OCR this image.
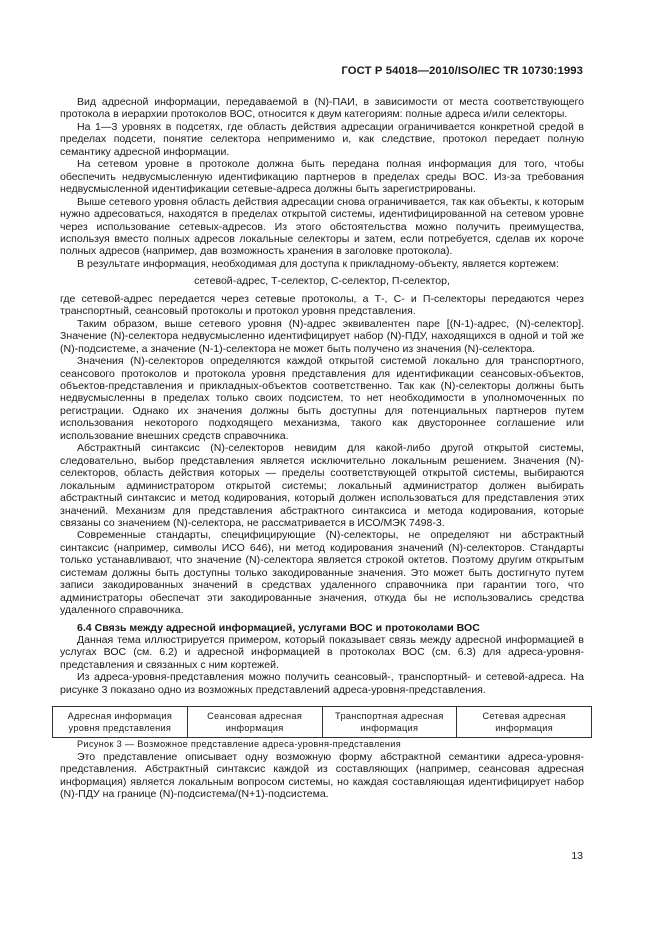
ГОСТ Р 54018—2010/ISO/IEC TR 10730:1993

Вид адресной информации, передаваемой в (N)-ПАИ, в зависимости от места соответствующего протокола в иерархии протоколов ВОС, относится к двум категориям: полные адреса и/или селекторы.

На 1—3 уровнях в подсетях, где область действия адресации ограничивается конкретной средой в пределах подсети, понятие селектора неприменимо и, как следствие, протокол передает полную семантику адресной информации.

На сетевом уровне в протоколе должна быть передана полная информация для того, чтобы обеспечить недвусмысленную идентификацию партнеров в пределах среды ВОС. Из-за требования недвусмысленной идентификации сетевые-адреса должны быть зарегистрированы.

Выше сетевого уровня область действия адресации снова ограничивается, так как объекты, к которым нужно адресоваться, находятся в пределах открытой системы, идентифицированной на сетевом уровне через использование сетевых-адресов. Из этого обстоятельства можно получить преимущества, используя вместо полных адресов локальные селекторы и затем, если потребуется, сделав их короче полных адресов (например, дав возможность хранения в заголовке протокола).

В результате информация, необходимая для доступа к прикладному-объекту, является кортежем:

сетевой-адрес, Т-селектор, С-селектор, П-селектор,

где сетевой-адрес передается через сетевые протоколы, а Т-, С- и П-селекторы передаются через транспортный, сеансовый протоколы и протокол уровня представления.

Таким образом, выше сетевого уровня (N)-адрес эквивалентен паре [(N-1)-адрес, (N)-селектор]. Значение (N)-селектора недвусмысленно идентифицирует набор (N)-ПДУ, находящихся в одной и той же (N)-подсистеме, а значение (N-1)-селектора не может быть получено из значения (N)-селектора.

Значения (N)-селекторов определяются каждой открытой системой локально для транспортного, сеансового протоколов и протокола уровня представления для идентификации сеансовых-объектов, объектов-представления и прикладных-объектов соответственно. Так как (N)-селекторы должны быть недвусмысленны в пределах только своих подсистем, то нет необходимости в уполномоченных по регистрации. Однако их значения должны быть доступны для потенциальных партнеров путем использования некоторого подходящего механизма, такого как двустороннее соглашение или использование внешних средств справочника.

Абстрактный синтаксис (N)-селекторов невидим для какой-либо другой открытой системы, следовательно, выбор представления является исключительно локальным решением. Значения (N)-селекторов, область действия которых — пределы соответствующей открытой системы, выбираются локальным администратором открытой системы; локальный администратор должен выбирать абстрактный синтаксис и метод кодирования, который должен использоваться для представления этих значений. Механизм для представления абстрактного синтаксиса и метода кодирования, которые связаны со значением (N)-селектора, не рассматривается в ИСО/МЭК 7498-3.

Современные стандарты, специфицирующие (N)-селекторы, не определяют ни абстрактный синтаксис (например, символы ИСО 646), ни метод кодирования значений (N)-селекторов. Стандарты только устанавливают, что значение (N)-селектора является строкой октетов. Поэтому другим открытым системам должны быть доступны только закодированные значения. Это может быть достигнуто путем записи закодированных значений в средствах удаленного справочника при гарантии того, что администраторы обеспечат эти закодированные значения, откуда бы не использовались средства удаленного справочника.

6.4 Связь между адресной информацией, услугами ВОС и протоколами ВОС

Данная тема иллюстрируется примером, который показывает связь между адресной информацией в услугах ВОС (см. 6.2) и адресной информацией в протоколах ВОС (см. 6.3) для адреса-уровня-представления и связанных с ним кортежей.

Из адреса-уровня-представления можно получить сеансовый-, транспортный- и сетевой-адреса. На рисунке 3 показано одно из возможных представлений адреса-уровня-представления.

Адресная информация уровня представления	Сеансовая адресная информация	Транспортная адресная информация	Сетевая адресная информация

Рисунок 3 — Возможное представление адреса-уровня-представления

Это представление описывает одну возможную форму абстрактной семантики адреса-уровня-представления. Абстрактный синтаксис каждой из составляющих (например, сеансовая адресная информация) является локальным вопросом системы, но каждая составляющая идентифицирует набор (N)-ПДУ на границе (N)-подсистема/(N+1)-подсистема.

13
